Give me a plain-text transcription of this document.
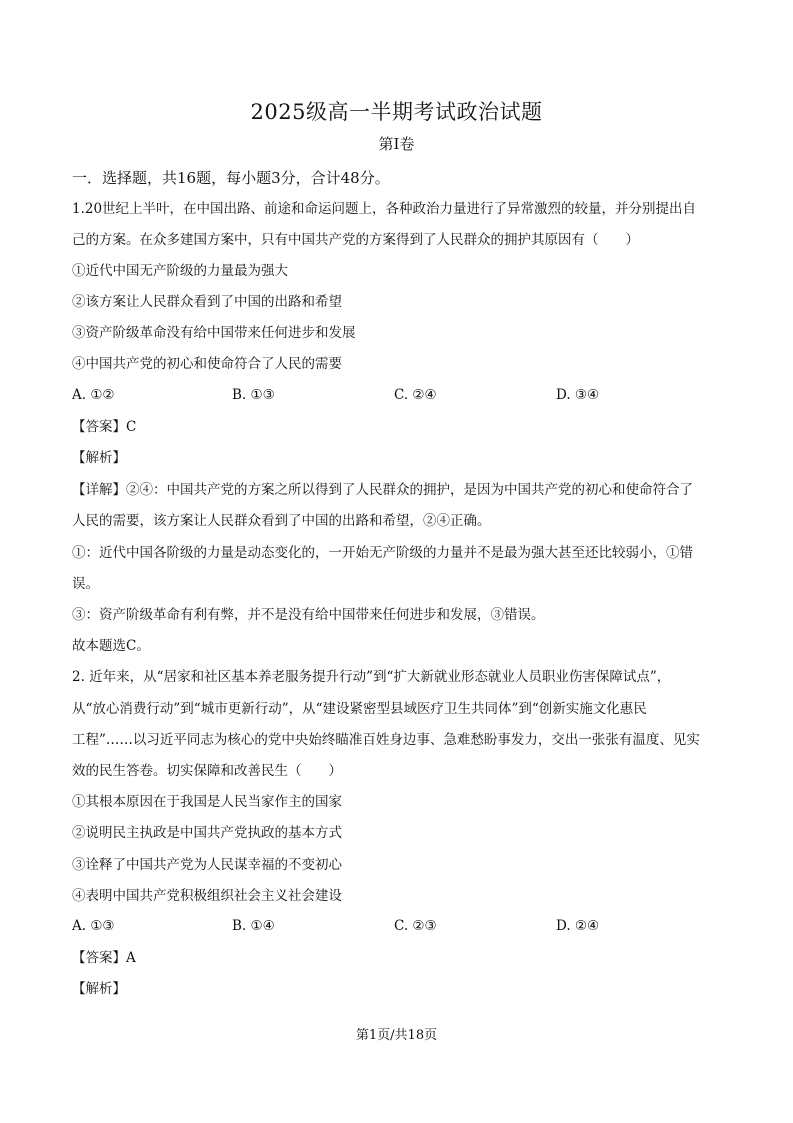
2025级高一半期考试政治试题
第I卷
一．选择题，共16题，每小题3分，合计48分。
1.20世纪上半叶，在中国出路、前途和命运问题上，各种政治力量进行了异常激烈的较量，并分别提出自
己的方案。在众多建国方案中，只有中国共产党的方案得到了人民群众的拥护其原因有（　　）
①近代中国无产阶级的力量最为强大
②该方案让人民群众看到了中国的出路和希望
③资产阶级革命没有给中国带来任何进步和发展
④中国共产党的初心和使命符合了人民的需要
A. ①②	B. ①③	C. ②④	D. ③④
【答案】C
【解析】
【详解】②④：中国共产党的方案之所以得到了人民群众的拥护，是因为中国共产党的初心和使命符合了
人民的需要，该方案让人民群众看到了中国的出路和希望，②④正确。
①：近代中国各阶级的力量是动态变化的，一开始无产阶级的力量并不是最为强大甚至还比较弱小，①错
误。
③：资产阶级革命有利有弊，并不是没有给中国带来任何进步和发展，③错误。
故本题选C。
2. 近年来，从“居家和社区基本养老服务提升行动”到“扩大新就业形态就业人员职业伤害保障试点”，
从“放心消费行动”到“城市更新行动”，从“建设紧密型县域医疗卫生共同体”到“创新实施文化惠民
工程”……以习近平同志为核心的党中央始终瞄准百姓身边事、急难愁盼事发力，交出一张张有温度、见实
效的民生答卷。切实保障和改善民生（　　）
①其根本原因在于我国是人民当家作主的国家
②说明民主执政是中国共产党执政的基本方式
③诠释了中国共产党为人民谋幸福的不变初心
④表明中国共产党积极组织社会主义社会建设
A. ①③	B. ①④	C. ②③	D. ②④
【答案】A
【解析】
第1页/共18页
